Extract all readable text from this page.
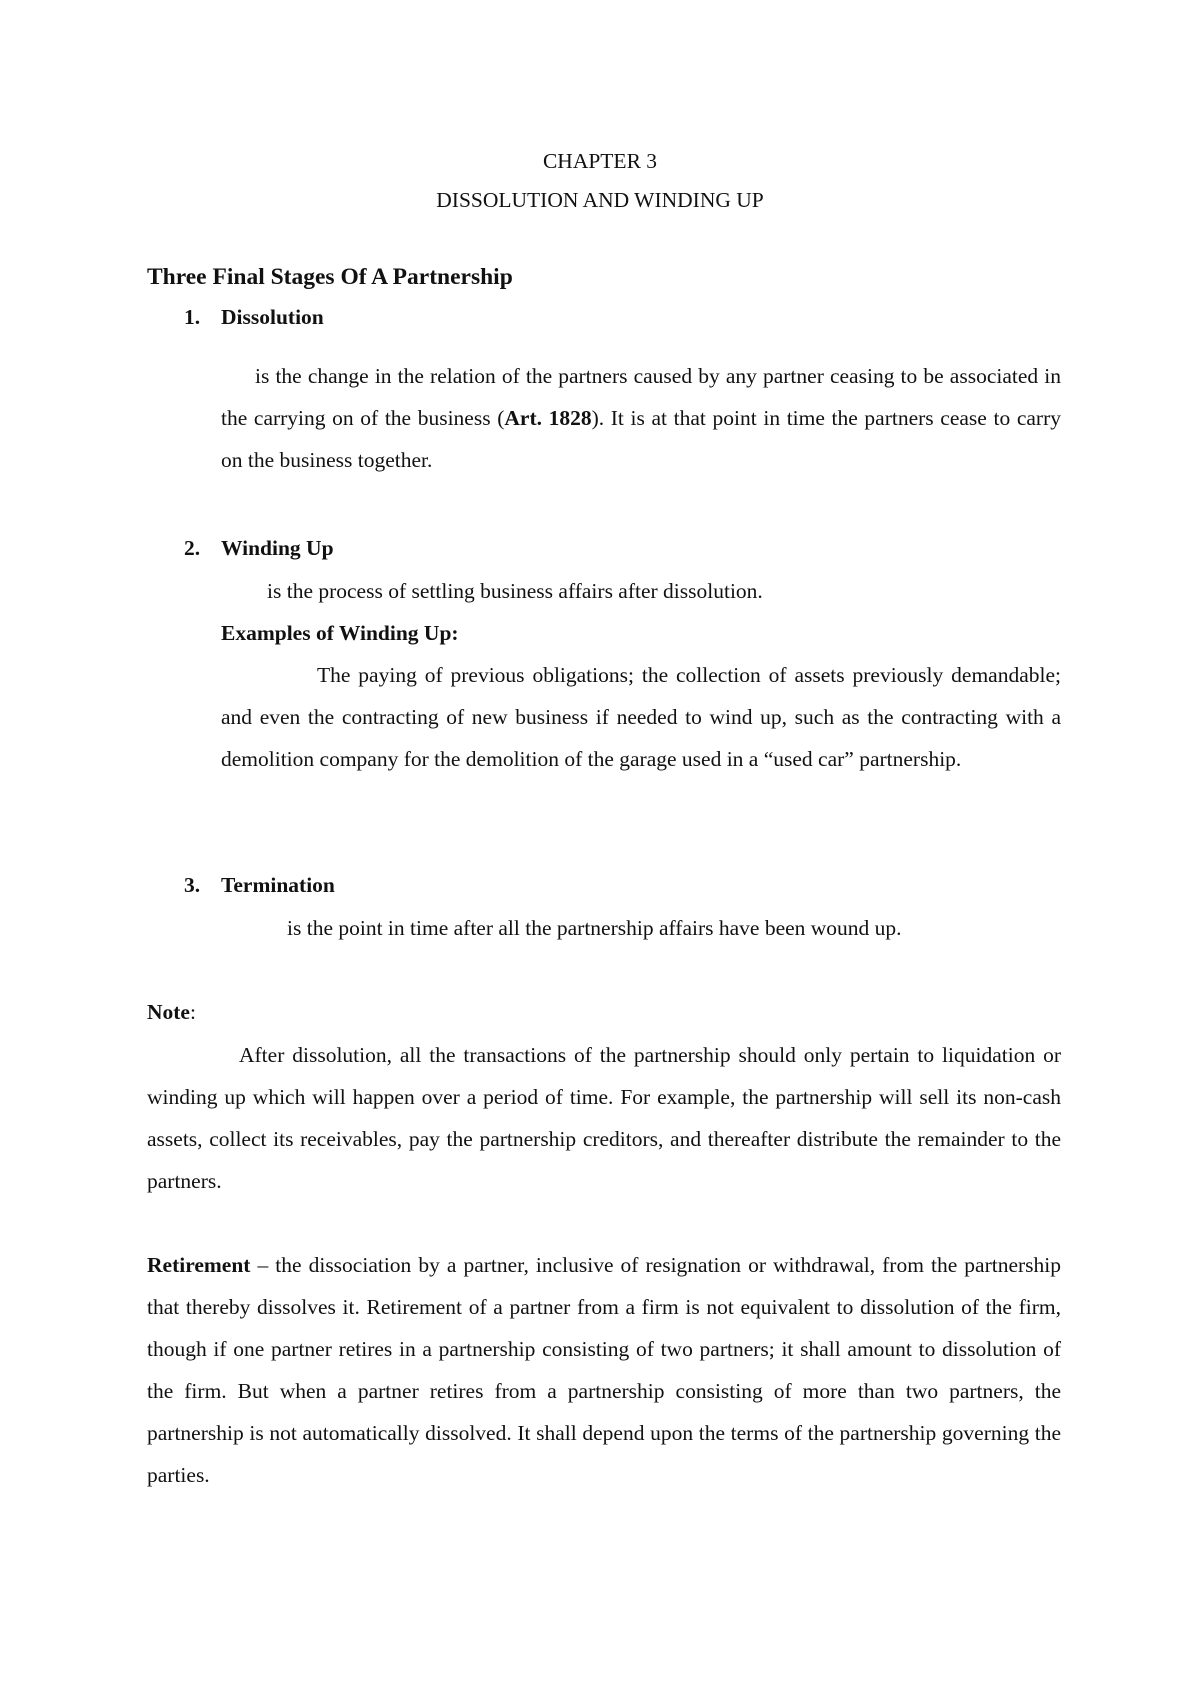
CHAPTER 3
DISSOLUTION AND WINDING UP
Three Final Stages Of A Partnership
1. Dissolution

is the change in the relation of the partners caused by any partner ceasing to be associated in the carrying on of the business (Art. 1828). It is at that point in time the partners cease to carry on the business together.

2. Winding Up
is the process of settling business affairs after dissolution.
Examples of Winding Up:

The paying of previous obligations; the collection of assets previously demandable; and even the contracting of new business if needed to wind up, such as the contracting with a demolition company for the demolition of the garage used in a “used car” partnership.

3. Termination
is the point in time after all the partnership affairs have been wound up.
Note:

After dissolution, all the transactions of the partnership should only pertain to liquidation or winding up which will happen over a period of time. For example, the partnership will sell its non-cash assets, collect its receivables, pay the partnership creditors, and thereafter distribute the remainder to the partners.

Retirement – the dissociation by a partner, inclusive of resignation or withdrawal, from the partnership that thereby dissolves it. Retirement of a partner from a firm is not equivalent to dissolution of the firm, though if one partner retires in a partnership consisting of two partners; it shall amount to dissolution of the firm. But when a partner retires from a partnership consisting of more than two partners, the partnership is not automatically dissolved. It shall depend upon the terms of the partnership governing the parties.
